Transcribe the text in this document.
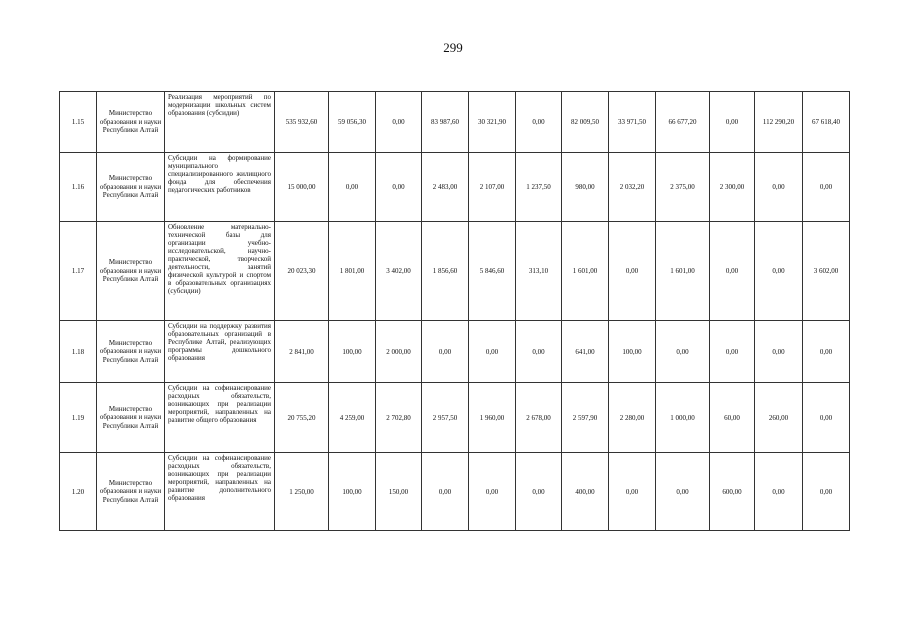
299
1.15	Министерство образования и науки Республики Алтай	Реализация мероприятий по модернизации школьных систем образования (субсидии)	535 932,60	59 056,30	0,00	83 987,60	30 321,90	0,00	82 009,50	33 971,50	66 677,20	0,00	112 290,20	67 618,40
1.16	Министерство образования и науки Республики Алтай	Субсидии на формирование муниципального специализированного жилищного фонда для обеспечения педагогических работников	15 000,00	0,00	0,00	2 483,00	2 107,00	1 237,50	980,00	2 032,20	2 375,00	2 300,00	0,00	0,00
1.17	Министерство образования и науки Республики Алтай	Обновление материально-технической базы для организации учебно-исследовательской, научно-практической, творческой деятельности, занятий физической культурой и спортом в образовательных организациях (субсидии)	20 023,30	1 801,00	3 402,00	1 856,60	5 846,60	313,10	1 601,00	0,00	1 601,00	0,00	0,00	3 602,00
1.18	Министерство образования и науки Республики Алтай	Субсидии на поддержку развития образовательных организаций в Республике Алтай, реализующих программы дошкольного образования	2 841,00	100,00	2 000,00	0,00	0,00	0,00	641,00	100,00	0,00	0,00	0,00	0,00
1.19	Министерство образования и науки Республики Алтай	Субсидии на софинансирование расходных обязательств, возникающих при реализации мероприятий, направленных на развитие общего образования	20 755,20	4 259,00	2 702,80	2 957,50	1 960,00	2 678,00	2 597,90	2 280,00	1 000,00	60,00	260,00	0,00
1.20	Министерство образования и науки Республики Алтай	Субсидии на софинансирование расходных обязательств, возникающих при реализации мероприятий, направленных на развитие дополнительного образования	1 250,00	100,00	150,00	0,00	0,00	0,00	400,00	0,00	0,00	600,00	0,00	0,00
